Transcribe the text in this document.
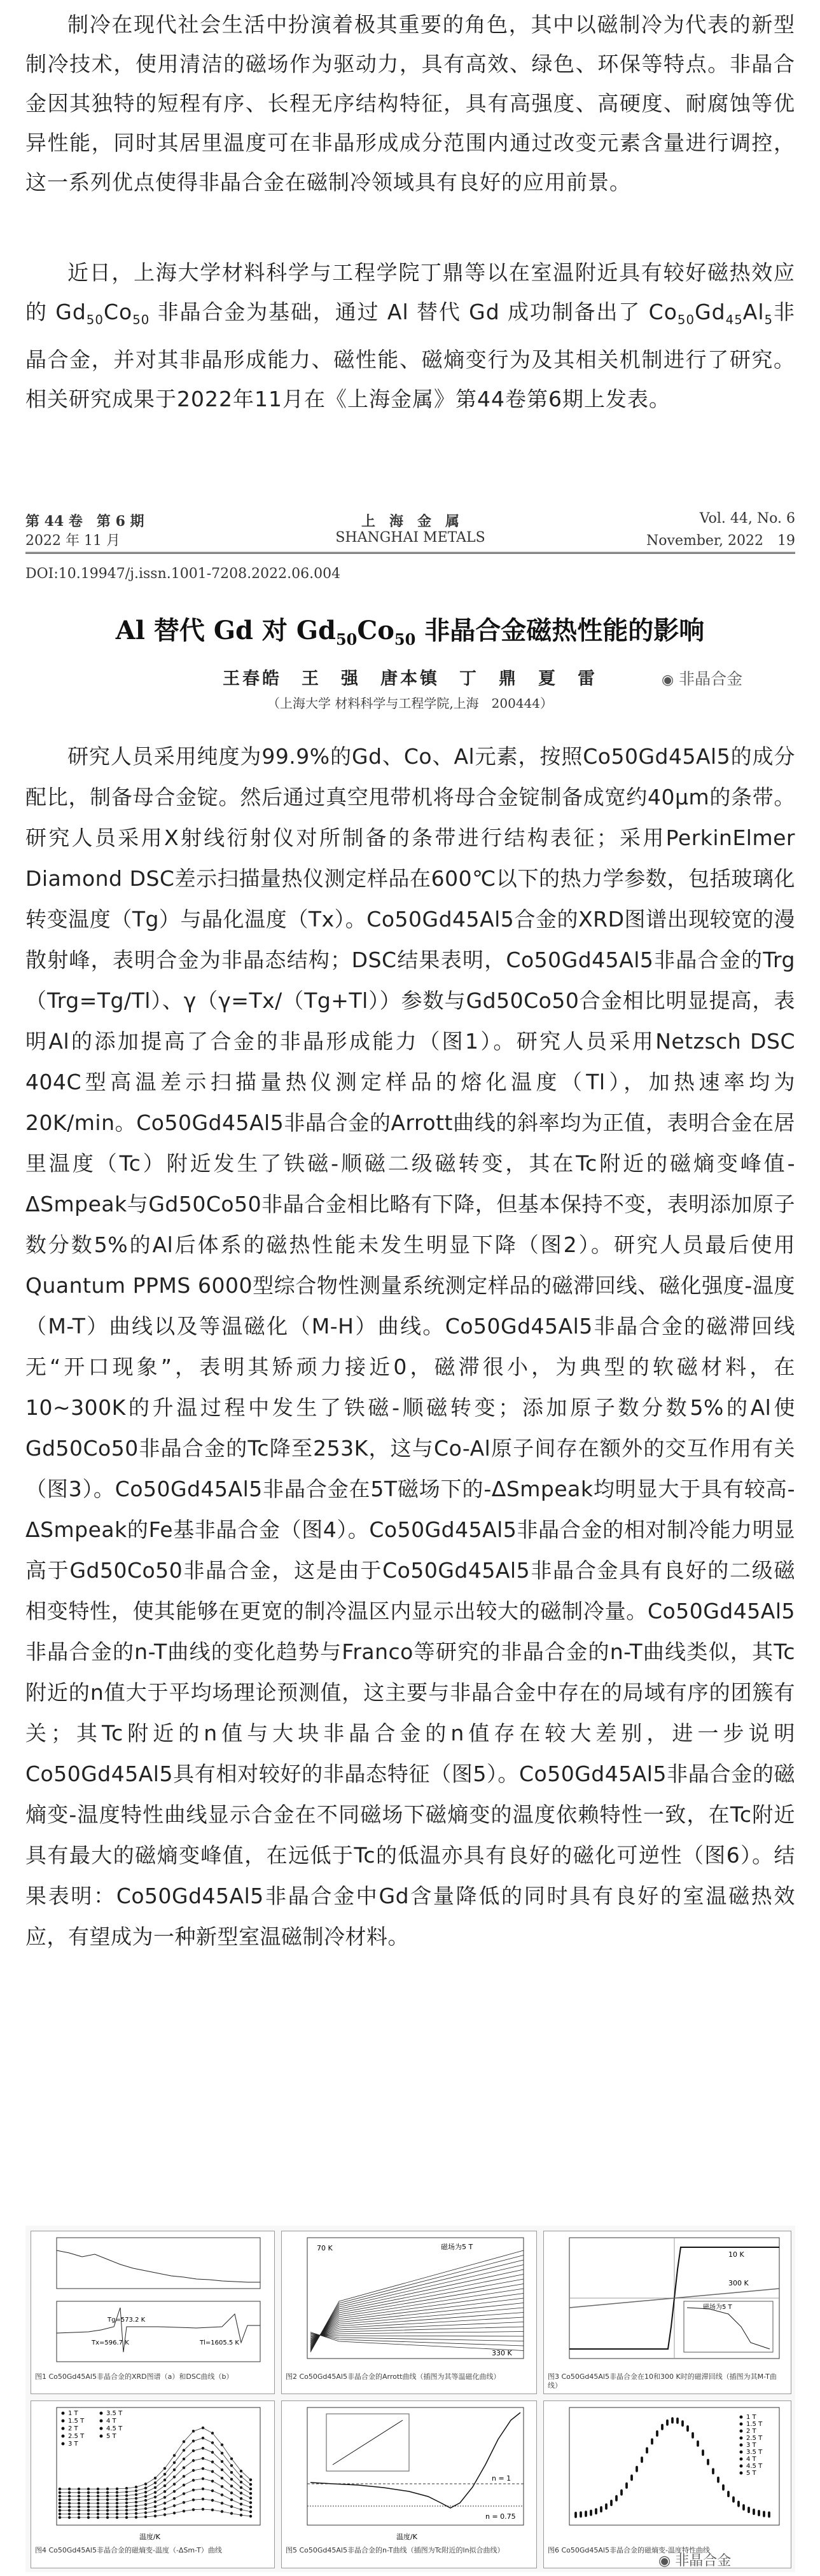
制冷在现代社会生活中扮演着极其重要的角色，其中以磁制冷为代表的新型制冷技术，使用清洁的磁场作为驱动力，具有高效、绿色、环保等特点。非晶合金因其独特的短程有序、长程无序结构特征，具有高强度、高硬度、耐腐蚀等优异性能，同时其居里温度可在非晶形成成分范围内通过改变元素含量进行调控，这一系列优点使得非晶合金在磁制冷领域具有良好的应用前景。

近日，上海大学材料科学与工程学院丁鼎等以在室温附近具有较好磁热效应的 $Gd_{50}Co_{50}$ 非晶合金为基础，通过 Al 替代 Gd 成功制备出了 $Co_{50}Gd_{45}Al_5$非晶合金，并对其非晶形成能力、磁性能、磁熵变行为及其相关机制进行了研究。相关研究成果于2022年11月在《上海金属》第44卷第6期上发表。

第 44 卷　第 6 期	上　海　金　属	Vol. 44, No. 6
2022 年 11 月	SHANGHAI METALS	November, 2022　19
DOI:10.19947/j.issn.1001-7208.2022.06.004
Al 替代 Gd 对 $Gd_{50}Co_{50}$ 非晶合金磁热性能的影响
王春皓　王　强　唐本镇　丁　鼎　夏　雷
（上海大学 材料科学与工程学院,上海　200444）
◉ 非晶合金

研究人员采用纯度为99.9%的Gd、Co、Al元素，按照Co50Gd45Al5的成分配比，制备母合金锭。然后通过真空甩带机将母合金锭制备成宽约40μm的条带。研究人员采用X射线衍射仪对所制备的条带进行结构表征；采用PerkinElmer Diamond DSC差示扫描量热仪测定样品在600℃以下的热力学参数，包括玻璃化转变温度（Tg）与晶化温度（Tx）。Co50Gd45Al5合金的XRD图谱出现较宽的漫散射峰，表明合金为非晶态结构；DSC结果表明，Co50Gd45Al5非晶合金的Trg（Trg=Tg/Tl）、γ（γ=Tx/（Tg+Tl））参数与Gd50Co50合金相比明显提高，表明Al的添加提高了合金的非晶形成能力（图1）。研究人员采用Netzsch DSC 404C型高温差示扫描量热仪测定样品的熔化温度（Tl），加热速率均为20K/min。Co50Gd45Al5非晶合金的Arrott曲线的斜率均为正值，表明合金在居里温度（Tc）附近发生了铁磁-顺磁二级磁转变，其在Tc附近的磁熵变峰值-ΔSmpeak与Gd50Co50非晶合金相比略有下降，但基本保持不变，表明添加原子数分数5%的Al后体系的磁热性能未发生明显下降（图2）。研究人员最后使用Quantum PPMS 6000型综合物性测量系统测定样品的磁滞回线、磁化强度-温度（M-T）曲线以及等温磁化（M-H）曲线。Co50Gd45Al5非晶合金的磁滞回线无“开口现象”，表明其矫顽力接近0，磁滞很小，为典型的软磁材料，在10~300K的升温过程中发生了铁磁-顺磁转变；添加原子数分数5%的Al使Gd50Co50非晶合金的Tc降至253K，这与Co-Al原子间存在额外的交互作用有关（图3）。Co50Gd45Al5非晶合金在5T磁场下的-ΔSmpeak均明显大于具有较高-ΔSmpeak的Fe基非晶合金（图4）。Co50Gd45Al5非晶合金的相对制冷能力明显高于Gd50Co50非晶合金，这是由于Co50Gd45Al5非晶合金具有良好的二级磁相变特性，使其能够在更宽的制冷温区内显示出较大的磁制冷量。Co50Gd45Al5非晶合金的n-T曲线的变化趋势与Franco等研究的非晶合金的n-T曲线类似，其Tc附近的n值大于平均场理论预测值，这主要与非晶合金中存在的局域有序的团簇有关；其Tc附近的n值与大块非晶合金的n值存在较大差别，进一步说明Co50Gd45Al5具有相对较好的非晶态特征（图5）。Co50Gd45Al5非晶合金的磁熵变-温度特性曲线显示合金在不同磁场下磁熵变的温度依赖特性一致，在Tc附近具有最大的磁熵变峰值，在远低于Tc的低温亦具有良好的磁化可逆性（图6）。结果表明：Co50Gd45Al5非晶合金中Gd含量降低的同时具有良好的室温磁热效应，有望成为一种新型室温磁制冷材料。

Tg=573.2 K
Tx=596.7 K	Tl=1605.5 K
图1 Co50Gd45Al5非晶合金的XRD图谱（a）和DSC曲线（b）
磁场为5 T
70 K
330 K
图2 Co50Gd45Al5非晶合金的Arrott曲线（插图为其等温磁化曲线）
10 K
300 K
磁场为5 T
图3 Co50Gd45Al5非晶合金在10和300 K时的磁滞回线（插图为其M-T曲线）
1 T
1.5 T
2 T
2.5 T
3 T
3.5 T
4 T
4.5 T
5 T
温度/K
图4 Co50Gd45Al5非晶合金的磁熵变-温度（-ΔSm-T）曲线
n = 1
n = 0.75
温度/K
图5 Co50Gd45Al5非晶合金的n-T曲线（插图为Tc附近的ln拟合曲线）
1 T
1.5 T
2 T
2.5 T
3 T
3.5 T
4 T
4.5 T
5 T
图6 Co50Gd45Al5非晶合金的磁熵变-温度特性曲线
◉ 非晶合金
